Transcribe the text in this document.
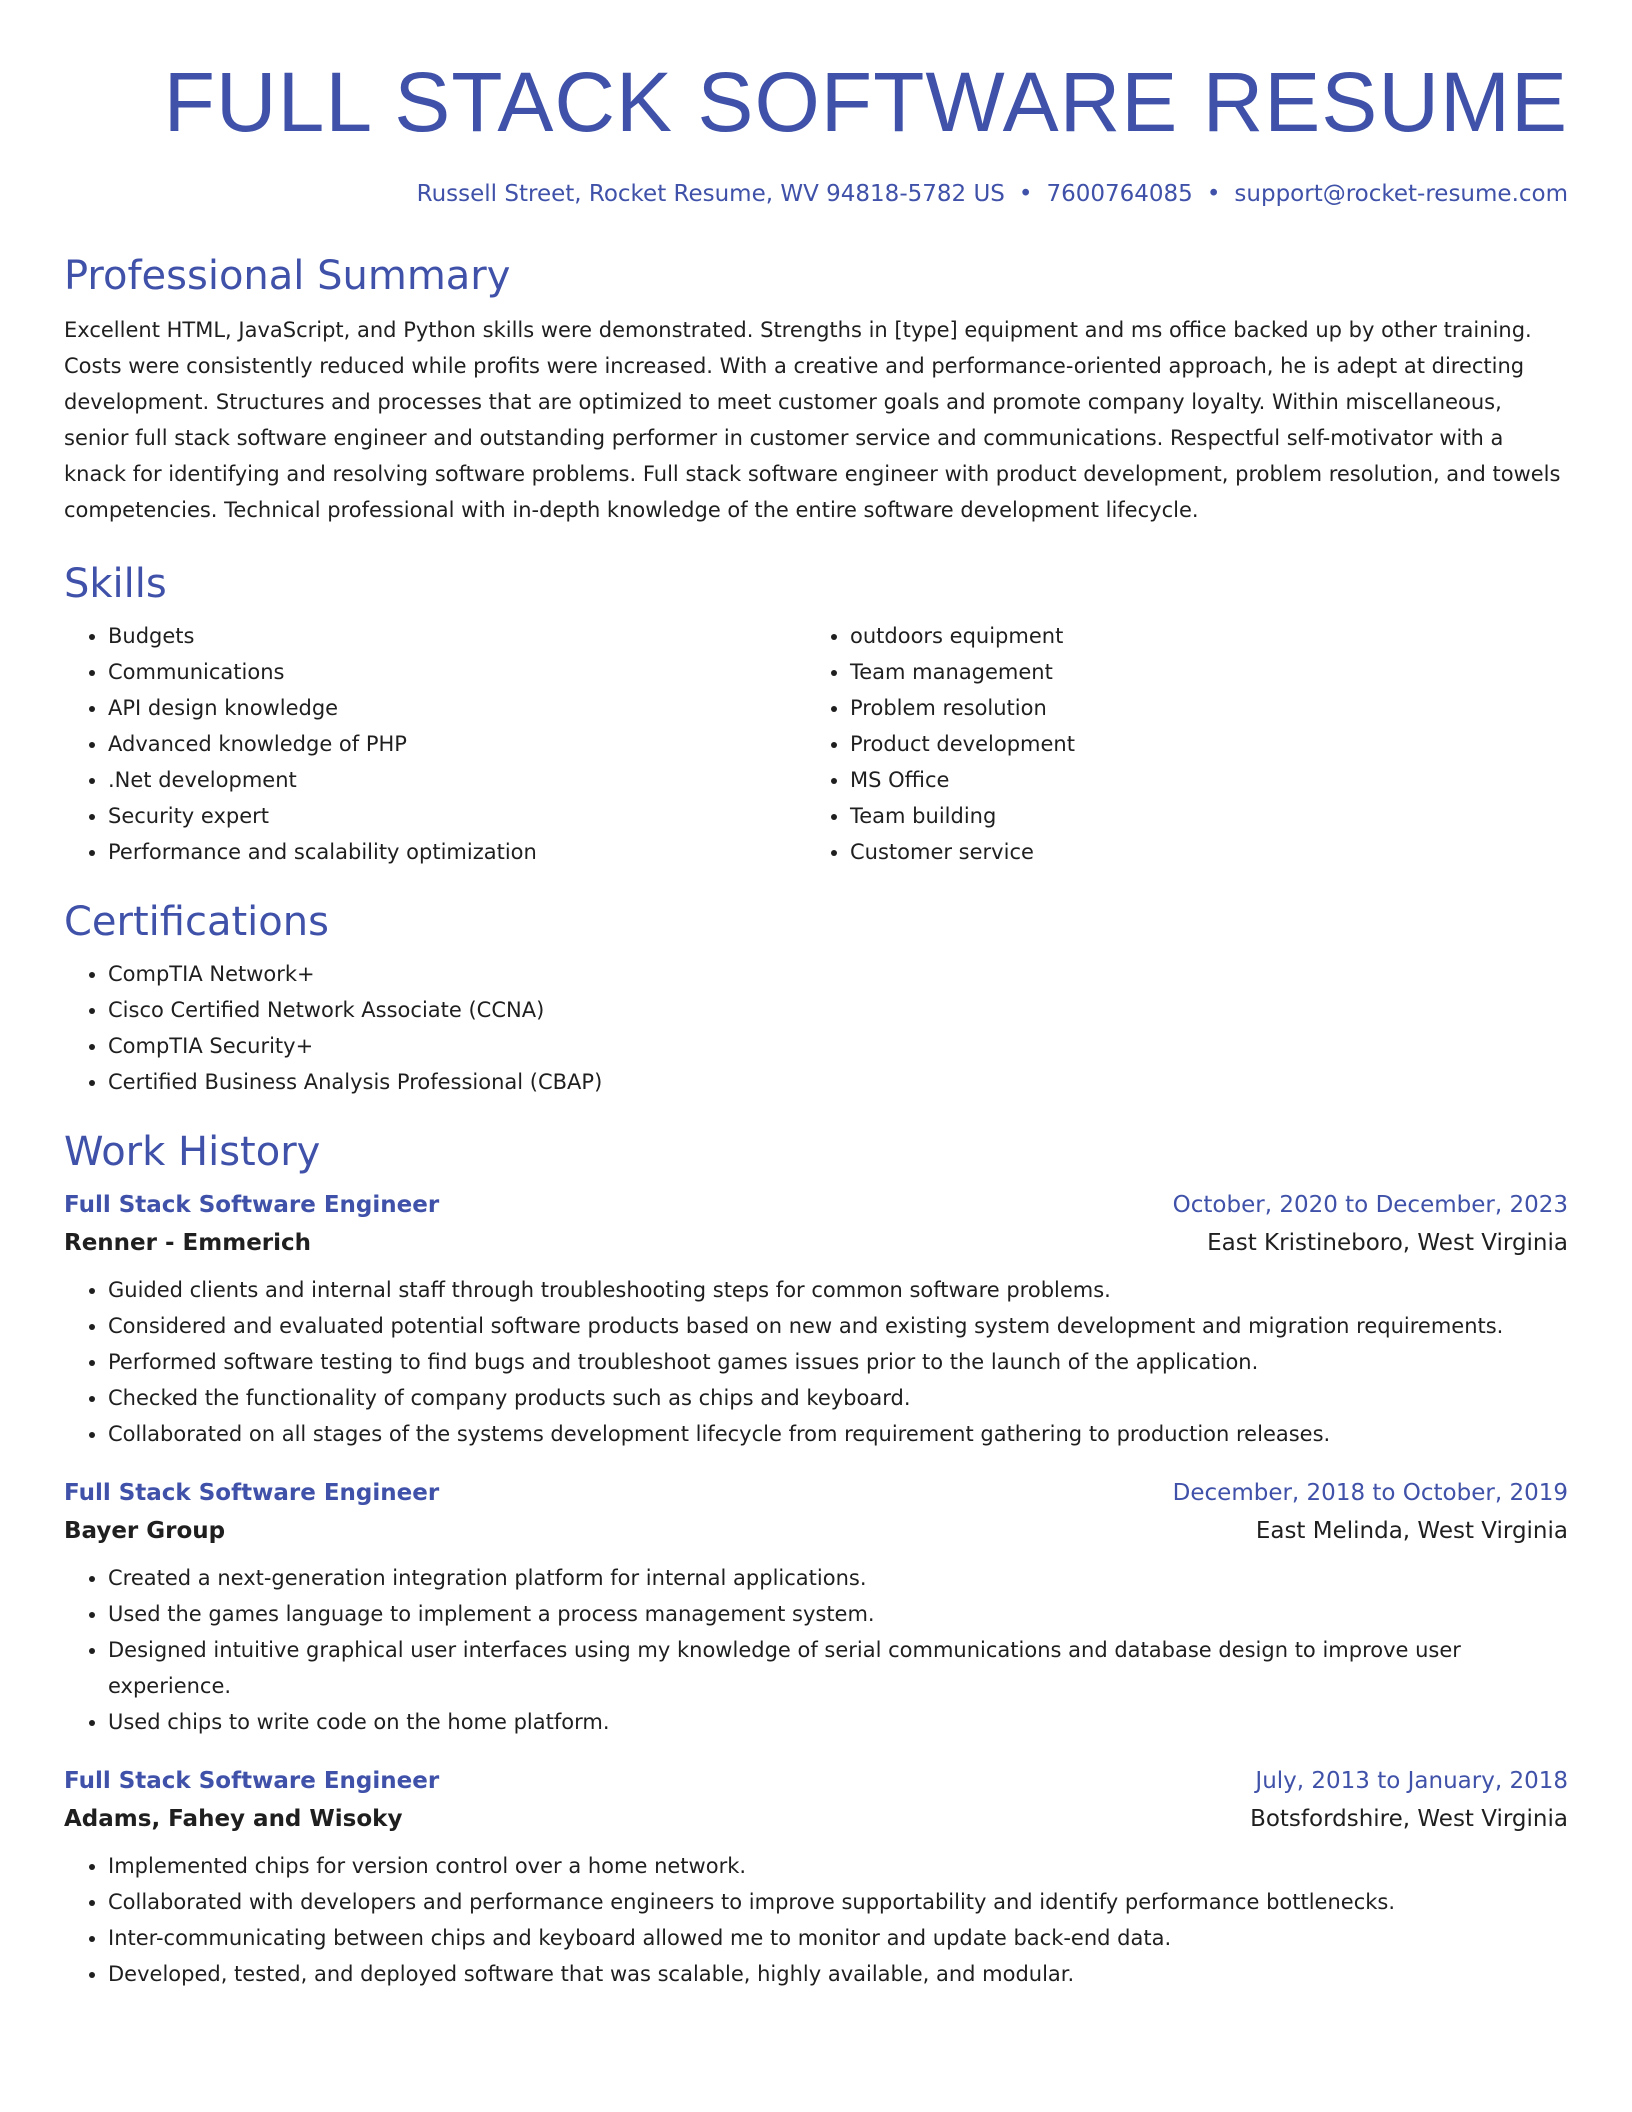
FULL STACK SOFTWARE RESUME
Russell Street, Rocket Resume, WV 94818-5782 US • 7600764085 • support@rocket-resume.com
Professional Summary

Excellent HTML, JavaScript, and Python skills were demonstrated. Strengths in [type] equipment and ms office backed up by other training. Costs were consistently reduced while profits were increased. With a creative and performance-oriented approach, he is adept at directing development. Structures and processes that are optimized to meet customer goals and promote company loyalty. Within miscellaneous, senior full stack software engineer and outstanding performer in customer service and communications. Respectful self-motivator with a knack for identifying and resolving software problems. Full stack software engineer with product development, problem resolution, and towels competencies. Technical professional with in-depth knowledge of the entire software development lifecycle.

Skills
• Budgets
• Communications
• API design knowledge
• Advanced knowledge of PHP
• .Net development
• Security expert
• Performance and scalability optimization
• outdoors equipment
• Team management
• Problem resolution
• Product development
• MS Office
• Team building
• Customer service
Certifications
• CompTIA Network+
• Cisco Certified Network Associate (CCNA)
• CompTIA Security+
• Certified Business Analysis Professional (CBAP)
Work History
Full Stack Software Engineer	October, 2020 to December, 2023
Renner - Emmerich	East Kristineboro, West Virginia
• Guided clients and internal staff through troubleshooting steps for common software problems.
• Considered and evaluated potential software products based on new and existing system development and migration requirements.
• Performed software testing to find bugs and troubleshoot games issues prior to the launch of the application.
• Checked the functionality of company products such as chips and keyboard.
• Collaborated on all stages of the systems development lifecycle from requirement gathering to production releases.
Full Stack Software Engineer	December, 2018 to October, 2019
Bayer Group	East Melinda, West Virginia
• Created a next-generation integration platform for internal applications.
• Used the games language to implement a process management system.
• Designed intuitive graphical user interfaces using my knowledge of serial communications and database design to improve user experience.
• Used chips to write code on the home platform.
Full Stack Software Engineer	July, 2013 to January, 2018
Adams, Fahey and Wisoky	Botsfordshire, West Virginia
• Implemented chips for version control over a home network.
• Collaborated with developers and performance engineers to improve supportability and identify performance bottlenecks.
• Inter-communicating between chips and keyboard allowed me to monitor and update back-end data.
• Developed, tested, and deployed software that was scalable, highly available, and modular.
